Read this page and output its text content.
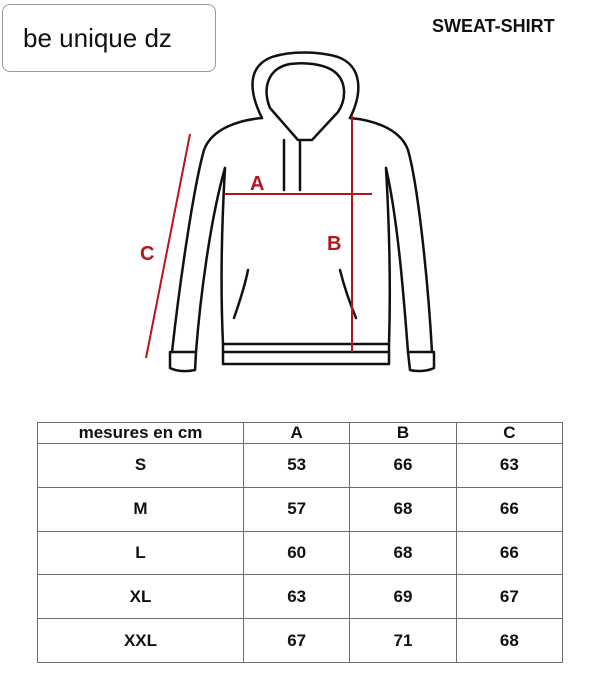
be unique dz	SWEAT-SHIRT
A
B
C
mesures en cm	A	B	C
S	53	66	63
M	57	68	66
L	60	68	66
XL	63	69	67
XXL	67	71	68
